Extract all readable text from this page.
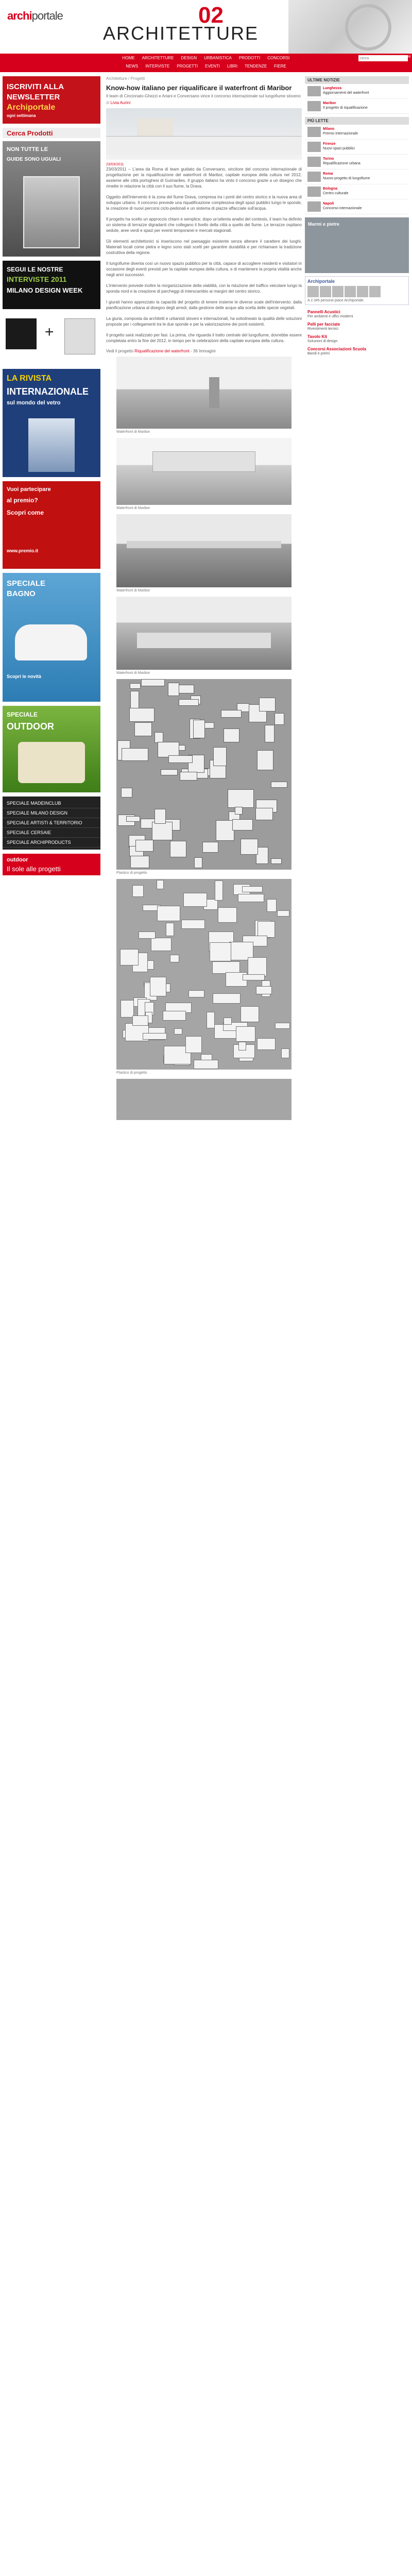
archiportale	02
ARCHITETTURE
HOME ARCHITETTURE DESIGN URBANISTICA PRODOTTI CONCORSI
NEWS INTERVISTE PROGETTI EVENTI LIBRI TENDENZE FIERE
cerca
OK
ISCRIVITI ALLA
NEWSLETTER
Archiportale
ogni settimana
Cerca Prodotti
NON TUTTE LE
GUIDE SONO UGUALI
SEGUI LE NOSTRE
INTERVISTE 2011
MILANO DESIGN WEEK
+
LA RIVISTA
INTERNAZIONALE
sul mondo del vetro
Vuoi partecipare
al premio?
Scopri come
www.premio.it
SPECIALE
BAGNO
Scopri le novità
SPECIALE
OUTDOOR
SPECIALE MADEINCLUB
SPECIALE MILANO DESIGN
SPECIALE ARTISTI & TERRITORIO
SPECIALE CERSAIE
SPECIALE ARCHIPRODUCTS
outdoor
Il sole alle progetti
Architetture / Progetti
Know-how italiano per riqualificare il waterfront di Maribor
Il team di Cincinnato-Ghezzi e Ariani e Conversano vince il concorso internazionale sul lungofiume sloveno
di Livia Aurini
23/03/2011

23/03/2011 – L'area da Roma di team guidato da Conversano, vincitore del concorso internazionale di progettazione per la riqualificazione del waterfront di Maribor, capitale europea della cultura nel 2012, assieme alle città portoghesi di Guimarães. Il gruppo italiano ha vinto il concorso grazie a un disegno che rimette in relazione la città con il suo fiume, la Drava.

Oggetto dell'intervento è la zona del fiume Drava, compresa tra i ponti del centro storico e la nuova area di sviluppo urbano. Il concorso prevede una riqualificazione complessiva degli spazi pubblici lungo le sponde, la creazione di nuovi percorsi ciclo-pedonali e un sistema di piazze affacciate sull'acqua.

Il progetto ha scelto un approccio chiaro e semplice; dopo un'attenta analisi del contesto, il team ha definito un sistema di terrazze digradanti che collegano il livello della città a quello del fiume. Le terrazze ospitano sedute, aree verdi e spazi per eventi temporanei e mercati stagionali.

Gli elementi architettonici si inseriscono nel paesaggio esistente senza alterare il carattere dei luoghi. Materiali locali come pietra e legno sono stati scelti per garantire durabilità e per richiamare la tradizione costruttiva della regione.

Il lungofiume diventa così un nuovo spazio pubblico per la città, capace di accogliere residenti e visitatori in occasione degli eventi previsti per la capitale europea della cultura, e di mantenere la propria vitalità anche negli anni successivi.

L'intervento prevede inoltre la riorganizzazione della viabilità, con la riduzione del traffico veicolare lungo la sponda nord e la creazione di parcheggi di interscambio ai margini del centro storico.

I giurati hanno apprezzato la capacità del progetto di tenere insieme le diverse scale dell'intervento: dalla pianificazione urbana al disegno degli arredi, dalla gestione delle acque alla scelta delle specie vegetali.

La giuria, composta da architetti e urbanisti sloveni e internazionali, ha sottolineato la qualità delle soluzioni proposte per i collegamenti tra le due sponde e per la valorizzazione dei ponti esistenti.

Il progetto sarà realizzato per fasi. La prima, che riguarda il tratto centrale del lungofiume, dovrebbe essere completata entro la fine del 2012, in tempo per le celebrazioni della capitale europea della cultura.

Vedi il progetto Riqualificazione del waterfront - 36 Immagini
Waterfront di Maribor
Waterfront di Maribor
Waterfront di Maribor
Waterfront di Maribor
Plastico di progetto
Plastico di progetto
ULTIME NOTIZIE
Lunghezza
Aggiornamenti del waterfront
Maribor
Il progetto di riqualificazione
PIÙ LETTE
Milano
Premio Internazionale
Firenze
Nuovi spazi pubblici
Torino
Riqualificazione urbana
Roma
Nuovo progetto di lungofiume
Bologna
Centro culturale
Napoli
Concorso internazionale
Marmi e pietre
Archiportale
A 2.345 persone piace Archiportale.
Pannelli Acustici
Per ambienti e uffici moderni
Pelli per facciate
Rivestimenti tecnici
Tavolo Kit
Soluzioni di design
Concorsi Associazioni Scuola
Bandi e premi
